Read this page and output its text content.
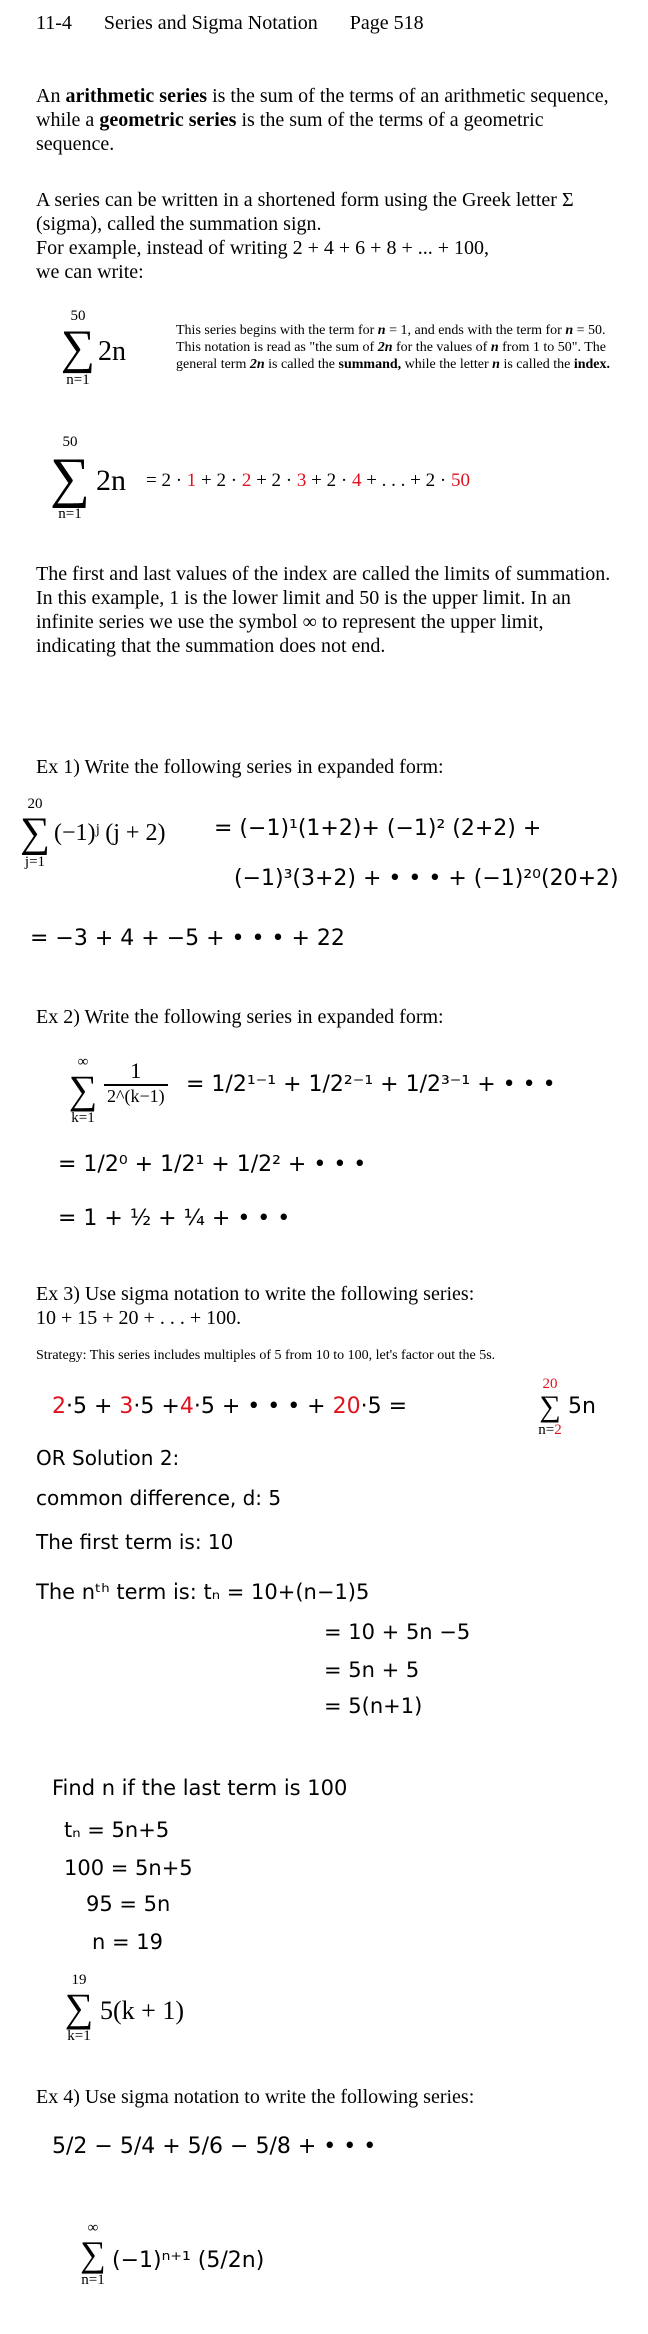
11-4 Series and Sigma Notation Page 518

An arithmetic series is the sum of the terms of an arithmetic sequence, while a geometric series is the sum of the terms of a geometric sequence.

A series can be written in a shortened form using the Greek letter Σ (sigma), called the summation sign.
For example, instead of writing 2 + 4 + 6 + 8 + ... + 100,
we can write:

50
∑
n=1
2n

This series begins with the term for n = 1, and ends with the term for n = 50. This notation is read as "the sum of 2n for the values of n from 1 to 50". The general term 2n is called the summand, while the letter n is called the index.

50
∑
n=1
2n = 2 · 1 + 2 · 2 + 2 · 3 + 2 · 4 + . . . + 2 · 50

The first and last values of the index are called the limits of summation. In this example, 1 is the lower limit and 50 is the upper limit. In an infinite series we use the symbol ∞ to represent the upper limit, indicating that the summation does not end.

Ex 1) Write the following series in expanded form:
20
∑
j=1
(−1)ʲ (j + 2) = (−1)¹(1+2)+ (−1)² (2+2) +
(−1)³(3+2) + • • • + (−1)²⁰(20+2)
= −3 + 4 + −5 + • • • + 22
Ex 2) Write the following series in expanded form:
∞
∑
k=1
$\frac{1}{2\^{}(k-1)} = 1/2^{1-1} + 1/2^{2-1} + 1/2^{3-1}$ + • • •
= 1/2⁰ + 1/2¹ + 1/2² + • • •
= 1 + ½ + ¼ + • • •
Ex 3) Use sigma notation to write the following series:
10 + 15 + 20 + . . . + 100.
Strategy: This series includes multiples of 5 from 10 to 100, let's factor out the 5s.
2·5 + 3·5 +4·5 + • • • + 20·5 =
20
∑
n=2
5n
OR Solution 2:
common difference, d: 5
The first term is: 10
The nᵗʰ term is: tₙ = 10+(n−1)5
= 10 + 5n −5
= 5n + 5
= 5(n+1)
Find n if the last term is 100
tₙ = 5n+5
100 = 5n+5
95 = 5n
n = 19
19
∑
k=1
5(k + 1)
Ex 4) Use sigma notation to write the following series:
5/2 − 5/4 + 5/6 − 5/8 + • • •
∞
∑
n=1
(−1)ⁿ⁺¹ (5/2n)
